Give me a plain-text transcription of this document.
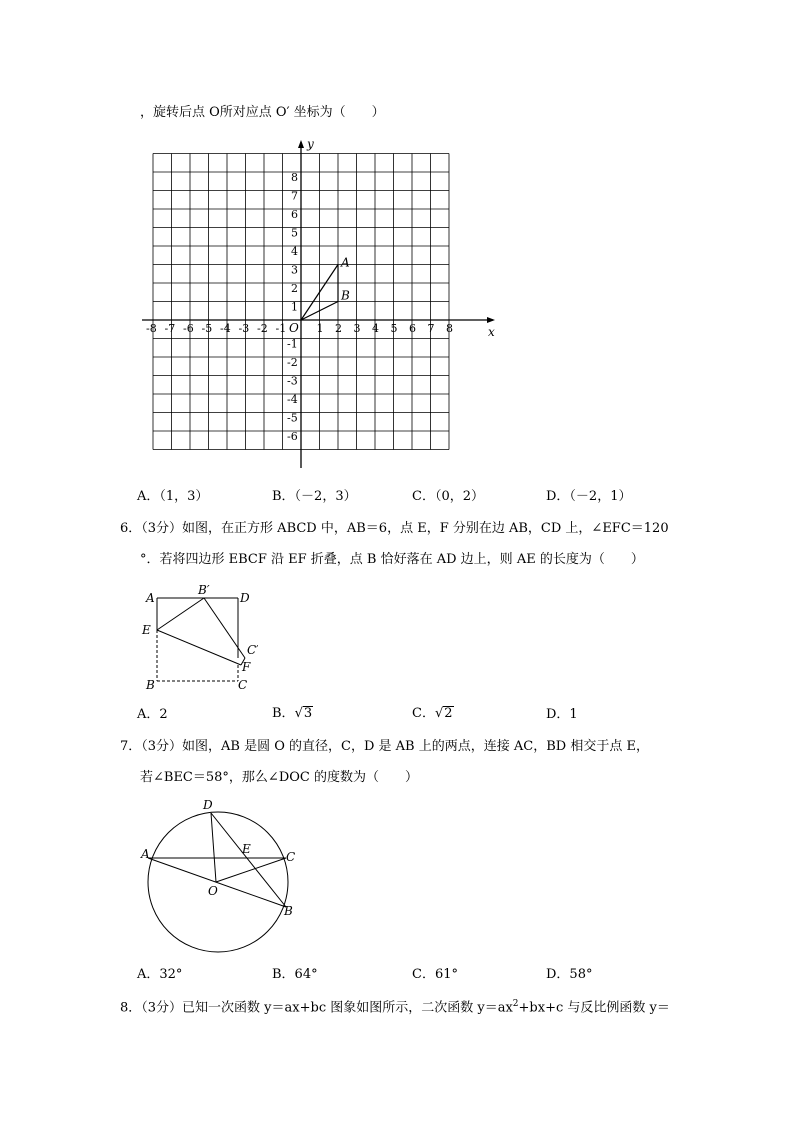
，旋转后点 O所对应点 O′ 坐标为（　　）
x
y
O
-8 -7 -6 -5 -4 -3 -2 -1	1 2 3 4 5 6 7 8
8
7
6
5
4
3
2
1
-1
-2
-3
-4
-5
-6
A
B
A．（1，3）	B．（－2，3）	C．（0，2）	D．（－2，1）
6．（3分）如图，在正方形 ABCD 中，AB＝6，点 E，F 分别在边 AB，CD 上，∠EFC＝120
°．若将四边形 EBCF 沿 EF 折叠，点 B 恰好落在 AD 边上，则 AE 的长度为（　　）
A
B′
D
E
C′
F
B	C
A．2	B．√3	C．√2	D．1
7．（3分）如图，AB 是圆 O 的直径，C，D 是 AB 上的两点，连接 AC，BD 相交于点 E，
若∠BEC＝58°，那么∠DOC 的度数为（　　）
D
A	E
C
O
B
A．32°	B．64°	C．61°	D．58°
8．（3分）已知一次函数 y＝ax+bc 图象如图所示，二次函数 $y=ax^2+bx+c$ 与反比例函数 y＝
